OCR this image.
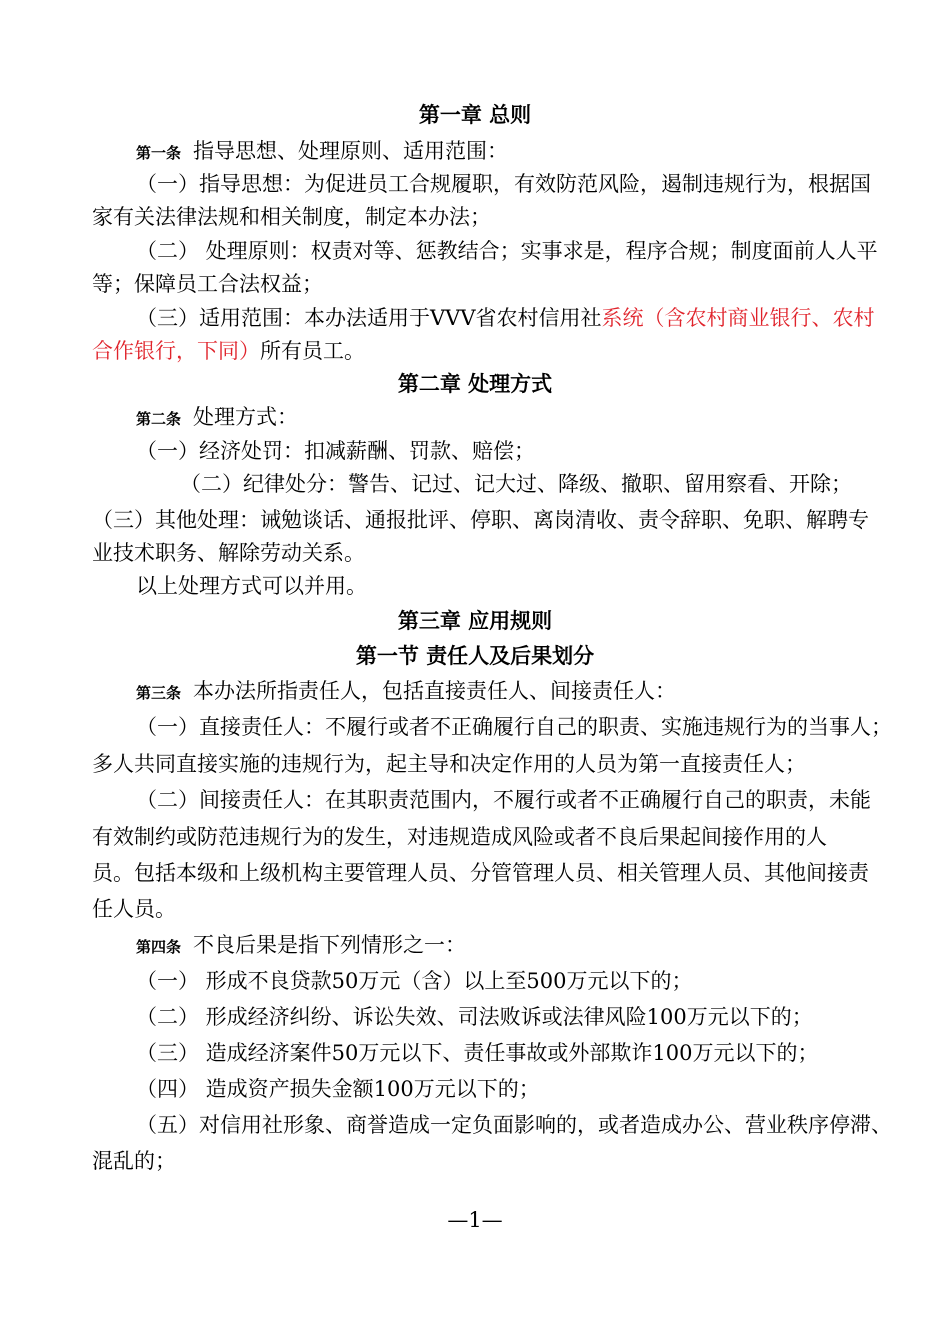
第一章 总则
第一条 指导思想、处理原则、适用范围：
（一）指导思想：为促进员工合规履职，有效防范风险，遏制违规行为，根据国
家有关法律法规和相关制度，制定本办法；
（二） 处理原则：权责对等、惩教结合；实事求是，程序合规；制度面前人人平
等；保障员工合法权益；
（三）适用范围：本办法适用于VVV省农村信用社系统（含农村商业银行、农村
合作银行，下同）所有员工。
第二章 处理方式
第二条 处理方式：
（一）经济处罚：扣减薪酬、罚款、赔偿；
（二）纪律处分：警告、记过、记大过、降级、撤职、留用察看、开除；
（三）其他处理：诫勉谈话、通报批评、停职、离岗清收、责令辞职、免职、解聘专
业技术职务、解除劳动关系。
以上处理方式可以并用。
第三章 应用规则
第一节 责任人及后果划分
第三条 本办法所指责任人，包括直接责任人、间接责任人：
（一）直接责任人：不履行或者不正确履行自己的职责、实施违规行为的当事人；
多人共同直接实施的违规行为，起主导和决定作用的人员为第一直接责任人；
（二）间接责任人：在其职责范围内，不履行或者不正确履行自己的职责，未能
有效制约或防范违规行为的发生，对违规造成风险或者不良后果起间接作用的人
员。包括本级和上级机构主要管理人员、分管管理人员、相关管理人员、其他间接责
任人员。
第四条 不良后果是指下列情形之一：
（一） 形成不良贷款50万元（含）以上至500万元以下的；
（二） 形成经济纠纷、诉讼失效、司法败诉或法律风险100万元以下的；
（三） 造成经济案件50万元以下、责任事故或外部欺诈100万元以下的；
（四） 造成资产损失金额100万元以下的；
（五）对信用社形象、商誉造成一定负面影响的，或者造成办公、营业秩序停滞、
混乱的；
—1—
